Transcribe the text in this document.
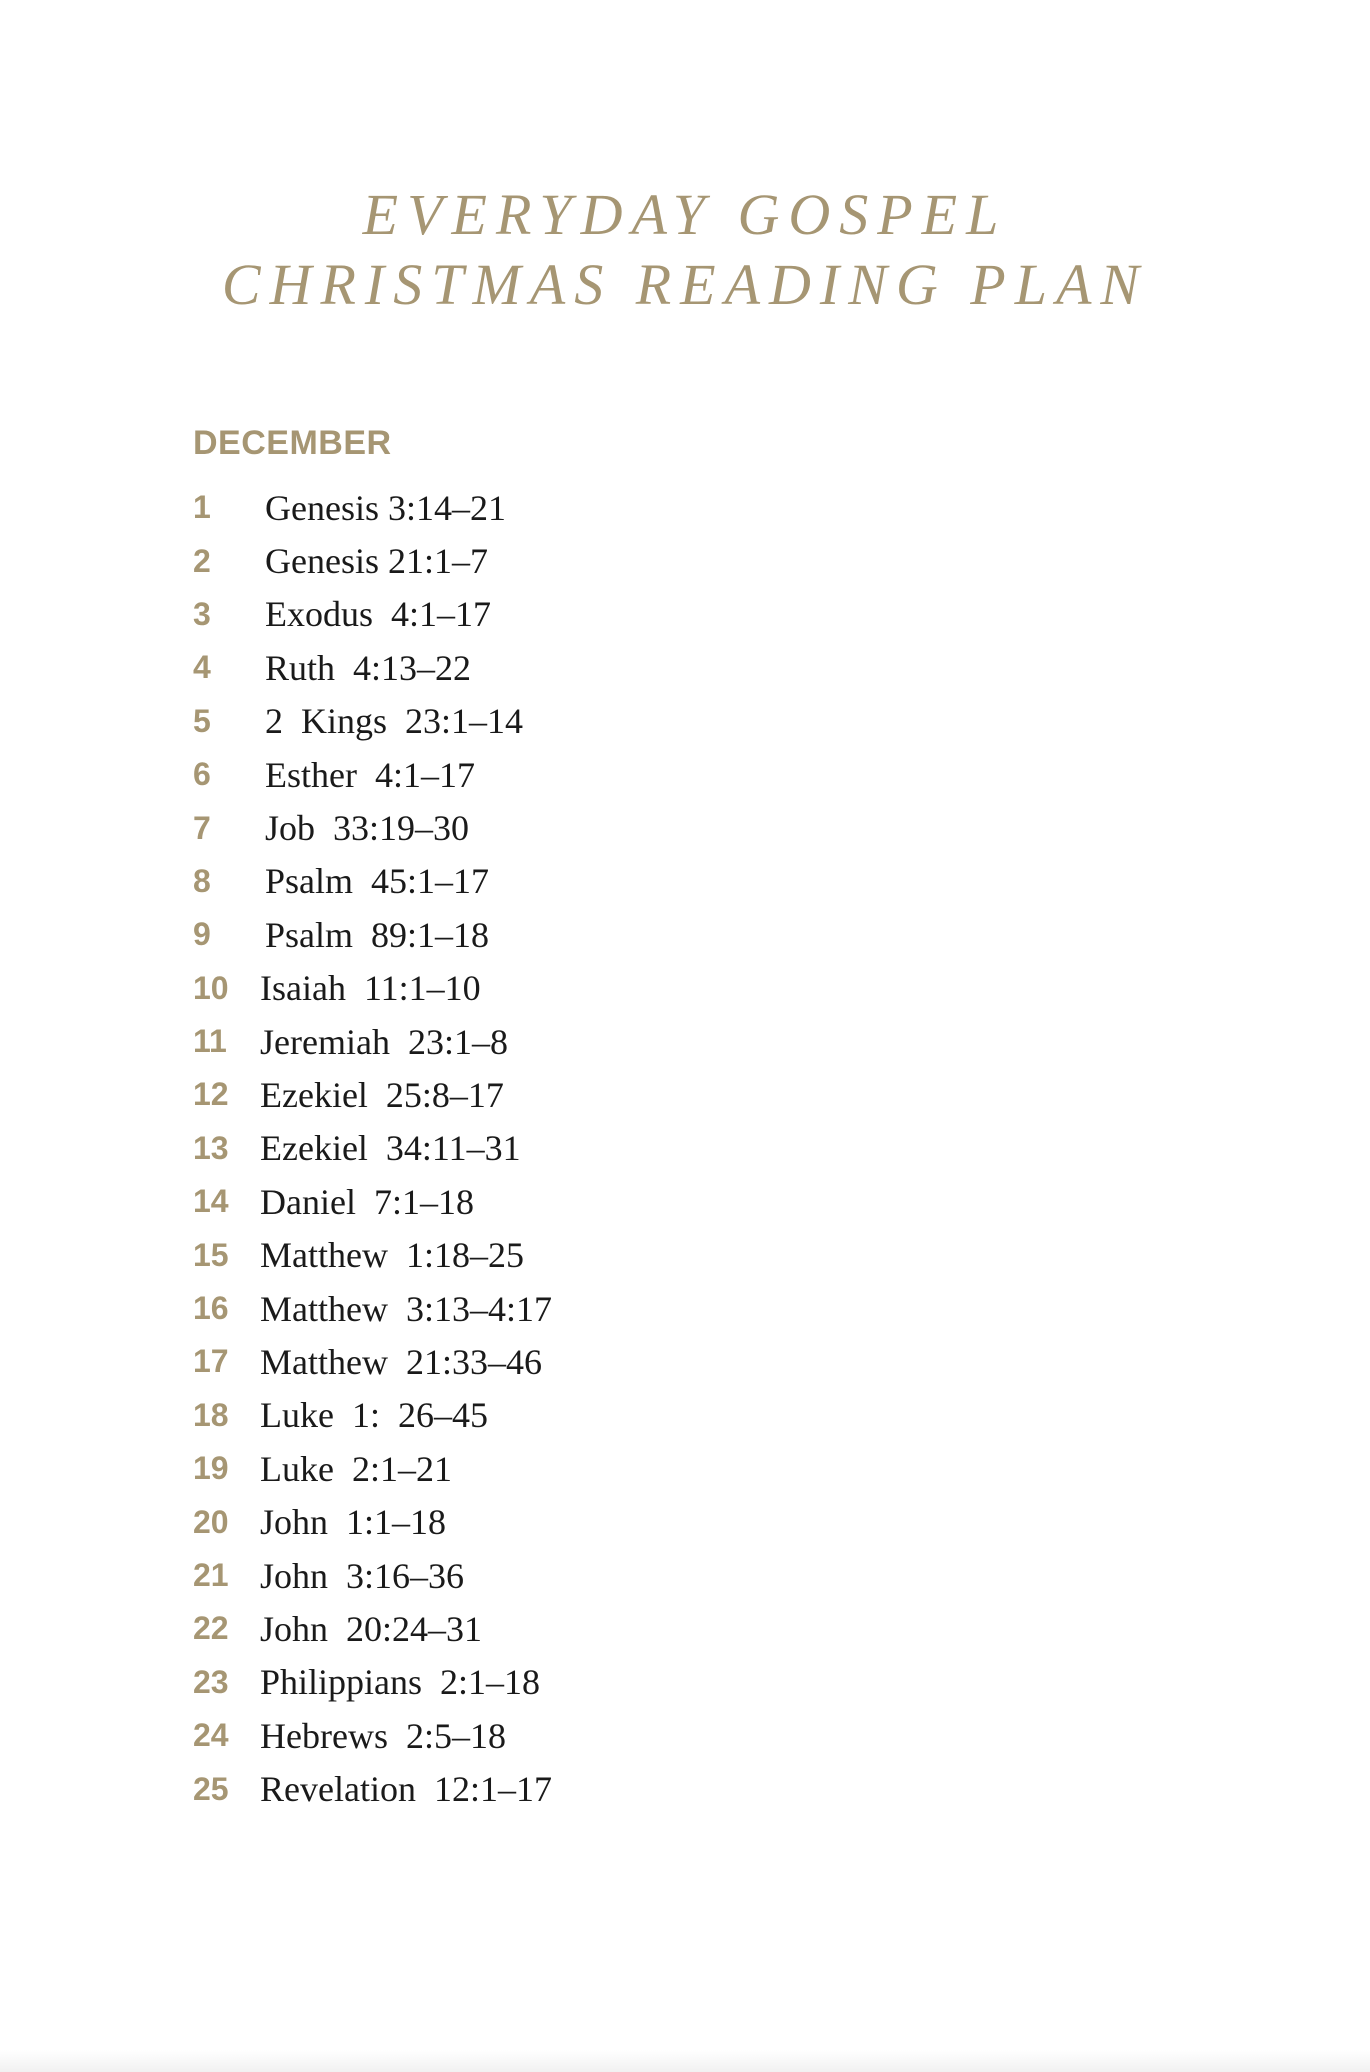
EVERYDAY GOSPEL
CHRISTMAS READING PLAN
DECEMBER
1	Genesis 3:14–21
2	Genesis 21:1–7
3	Exodus  4:1–17
4	Ruth  4:13–22
5	2  Kings  23:1–14
6	Esther  4:1–17
7	Job  33:19–30
8	Psalm  45:1–17
9	Psalm  89:1–18
10 Isaiah  11:1–10
11 Jeremiah  23:1–8
12 Ezekiel  25:8–17
13 Ezekiel  34:11–31
14 Daniel  7:1–18
15 Matthew  1:18–25
16 Matthew  3:13–4:17
17 Matthew  21:33–46
18 Luke  1:  26–45
19 Luke  2:1–21
20 John  1:1–18
21 John  3:16–36
22 John  20:24–31
23 Philippians  2:1–18
24 Hebrews  2:5–18
25 Revelation  12:1–17
